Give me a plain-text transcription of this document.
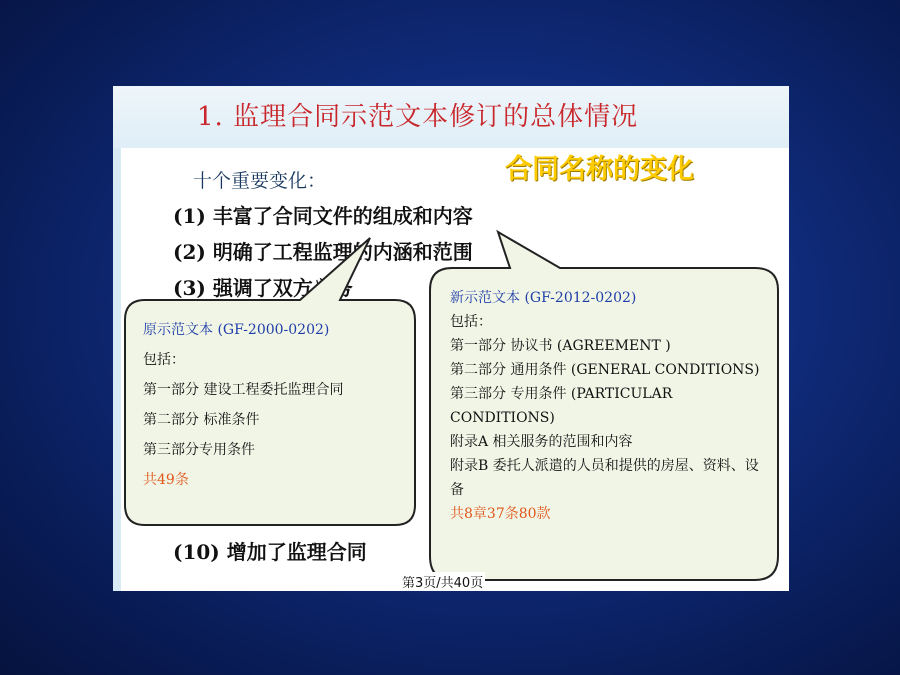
1. 监理合同示范文本修订的总体情况
十个重要变化：	合同名称的变化
(1) 丰富了合同文件的组成和内容
(2) 明确了工程监理的内涵和范围
(3) 强调了双方义务
(10) 增加了监理合同
原示范文本 (GF-2000-0202)
包括：
第一部分 建设工程委托监理合同
第二部分 标准条件
第三部分专用条件
共49条
新示范文本 (GF-2012-0202)
包括：
第一部分 协议书 (AGREEMENT )
第二部分 通用条件 (GENERAL CONDITIONS)
第三部分 专用条件 (PARTICULAR CONDITIONS)
附录A 相关服务的范围和内容
附录B 委托人派遣的人员和提供的房屋、资料、设备
共8章37条80款
第3页/共40页
